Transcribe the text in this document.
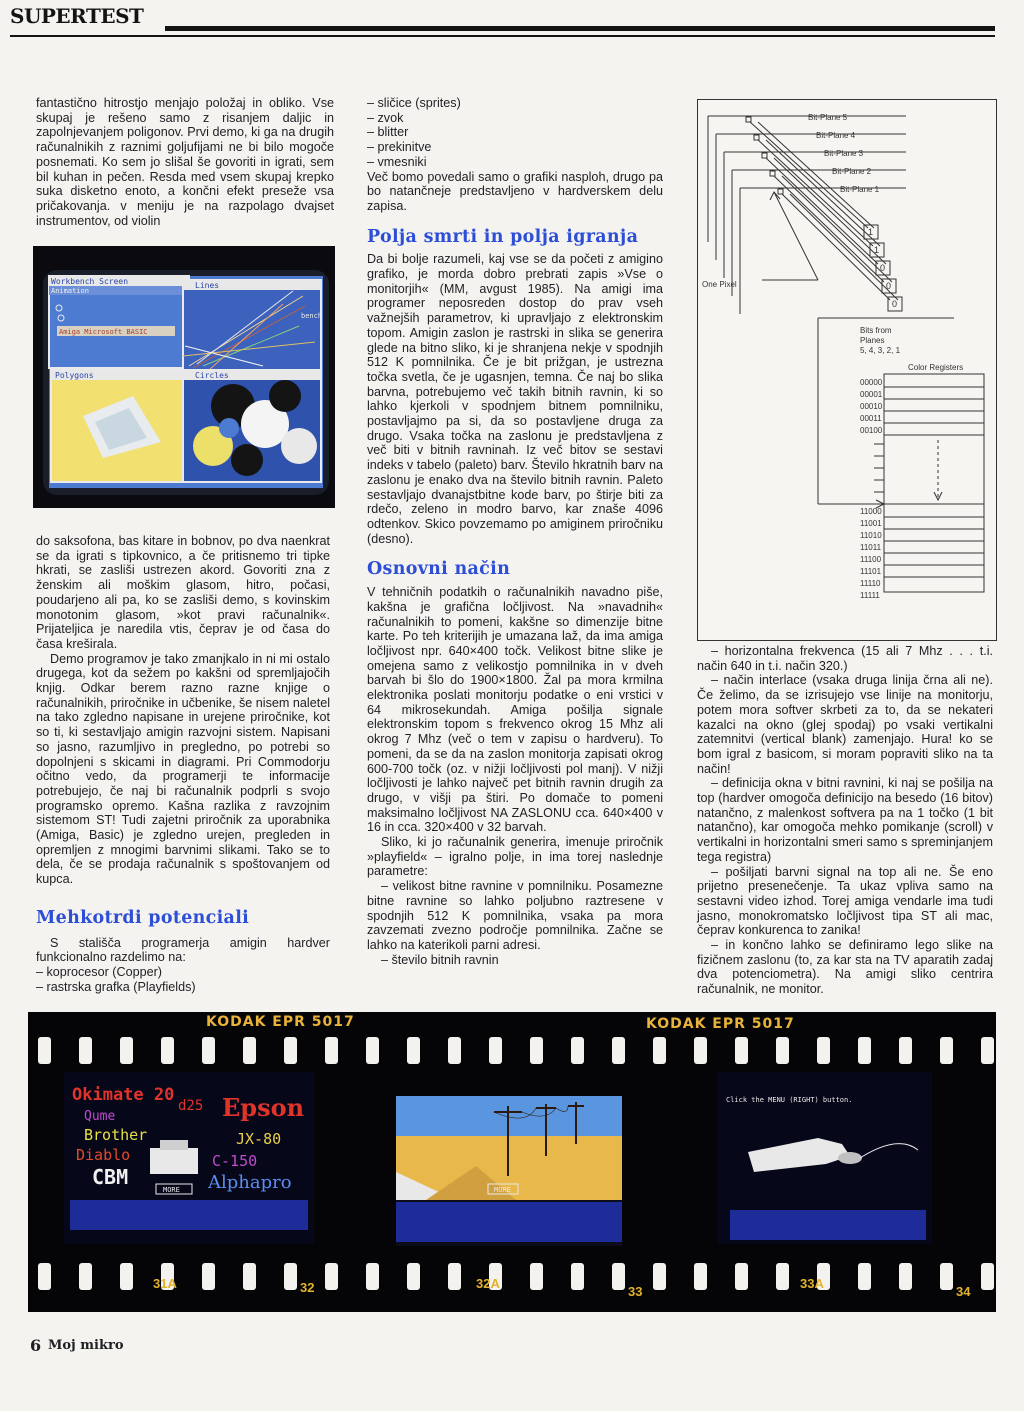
SUPERTEST

fantastično hitrostjo menjajo položaj in obliko. Vse skupaj je rešeno samo z risanjem daljic in zapolnjevanjem poligonov. Prvi demo, ki ga na drugih računalnikih z raznimi goljufijami ne bi bilo mogoče posnemati. Ko sem jo slišal še govoriti in igrati, sem bil kuhan in pečen. Resda med vsem skupaj krepko suka disketno enoto, a končni efekt preseže vsa pričakovanja. v meniju je na razpolago dvajset instrumentov, od violin

Workbench Screen
Animation
Amiga Microsoft BASIC
Lines
bench
Polygons	Circles

do saksofona, bas kitare in bobnov, po dva naenkrat se da igrati s tipkovnico, a če pritisnemo tri tipke hkrati, se zasliši ustrezen akord. Govoriti zna z ženskim ali moškim glasom, hitro, počasi, poudarjeno ali pa, ko se zasliši demo, s kovinskim monotonim glasom, »kot pravi računalnik«. Prijateljica je naredila vtis, čeprav je od časa do časa kreširala.

Demo programov je tako zmanjkalo in ni mi ostalo drugega, kot da sežem po kakšni od spremljajočih knjig. Odkar berem razno razne knjige o računalnikih, priročnike in učbenike, še nisem naletel na tako zgledno napisane in urejene priročnike, kot so ti, ki sestavljajo amigin razvojni sistem. Napisani so jasno, razumljivo in pregledno, po potrebi so dopolnjeni s skicami in diagrami. Pri Commodorju očitno vedo, da programerji te informacije potrebujejo, če naj bi računalnik podprli s svojo programsko opremo. Kašna razlika z ravzojnim sistemom ST! Tudi zajetni priročnik za uporabnika (Amiga, Basic) je zgledno urejen, pregleden in opremljen z mnogimi barvnimi slikami. Tako se to dela, če se prodaja računalnik s spoštovanjem od kupca.

Mehkotrdi potenciali

S stališča programerja amigin hardver funkcionalno razdelimo na:

– koprocesor (Copper)
– rastrska grafka (Playfields)
– sličice (sprites)
– zvok
– blitter
– prekinitve
– vmesniki

Več bomo povedali samo o grafiki nasploh, drugo pa bo natančneje predstavljeno v hardverskem delu zapisa.

Polja smrti in polja igranja

Da bi bolje razumeli, kaj vse se da početi z amigino grafiko, je morda dobro prebrati zapis »Vse o monitorjih« (MM, avgust 1985). Na amigi ima programer neposreden dostop do prav vseh važnejših parametrov, ki upravljajo z elektronskim topom. Amigin zaslon je rastrski in slika se generira glede na bitno sliko, ki je shranjena nekje v spodnjih 512 K pomnilnika. Če je bit prižgan, je ustrezna točka svetla, če je ugasnjen, temna. Če naj bo slika barvna, potrebujemo več takih bitnih ravnin, ki so lahko kjerkoli v spodnjem bitnem pomnilniku, postavljajmo pa si, da so postavljene druga za drugo. Vsaka točka na zaslonu je predstavljena z več biti v bitnih ravninah. Iz več bitov se sestavi indeks v tabelo (paleto) barv. Število hkratnih barv na zaslonu je enako dva na število bitnih ravnin. Paleto sestavljajo dvanajstbitne kode barv, po štirje biti za rdečo, zeleno in modro barvo, kar znaše 4096 odtenkov. Skico povzemamo po amiginem priročniku (desno).

Osnovni način

V tehničnih podatkih o računalnikih navadno piše, kakšna je grafična ločljivost. Na »navadnih« računalnikih to pomeni, kakšne so dimenzije bitne karte. Po teh kriterijih je umazana laž, da ima amiga ločljivost npr. 640×400 točk. Velikost bitne slike je omejena samo z velikostjo pomnilnika in v dveh barvah bi šlo do 1900×1800. Žal pa mora krmilna elektronika poslati monitorju podatke o eni vrstici v 64 mikrosekundah. Amiga pošilja signale elektronskim topom s frekvenco okrog 15 Mhz ali okrog 7 Mhz (več o tem v zapisu o hardveru). To pomeni, da se da na zaslon monitorja zapisati okrog 600-700 točk (oz. v nižji ločljivosti pol manj). V nižji ločljivosti je lahko največ pet bitnih ravnin drugih za drugo, v višji pa štiri. Po domače to pomeni maksimalno ločljivost NA ZASLONU cca. 640×400 v 16 in cca. 320×400 v 32 barvah.

Sliko, ki jo računalnik generira, imenuje priročnik »playfield« – igralno polje, in ima torej naslednje parametre:

– velikost bitne ravnine v pomnilniku. Posamezne bitne ravnine so lahko poljubno raztresene v spodnjih 512 K pomnilnika, vsaka pa mora zavzemati zvezno področje pomnilnika. Začne se lahko na katerikoli parni adresi.
– število bitnih ravnin
Bit-Plane 5
Bit-Plane 4
Bit-Plane 3
Bit-Plane 2
Bit-Plane 1
1
1
0
0
0
One Pixel
Bits from
Planes
5, 4, 3, 2, 1
Color Registers
00000
00001
00010
00011
00100
11000
11001
11010
11011
11100
11101
11110
11111
– horizontalna frekvenca (15 ali 7 Mhz . . . t.i. način 640 in t.i. način 320.)
– način interlace (vsaka druga linija črna ali ne). Če želimo, da se izrisujejo vse linije na monitorju, potem mora softver skrbeti za to, da se nekateri kazalci na okno (glej spodaj) po vsaki vertikalni zatemnitvi (vertical blank) zamenjajo. Hura! ko se bom igral z basicom, si moram popraviti sliko na ta način!
– definicija okna v bitni ravnini, ki naj se pošilja na top (hardver omogoča definicijo na besedo (16 bitov) natančno, z malenkost softvera pa na 1 točko (1 bit natančno), kar omogoča mehko pomikanje (scroll) v vertikalni in horizontalni smeri samo s spreminjanjem tega registra)
– pošiljati barvni signal na top ali ne. Še eno prijetno presenečenje. Ta ukaz vpliva samo na sestavni video izhod. Torej amiga vendarle ima tudi jasno, monokromatsko ločljivost tipa ST ali mac, čeprav konkurenca to zanika!
– in končno lahko se definiramo lego slike na fizičnem zaslonu (to, za kar sta na TV aparatih zadaj dva potenciometra). Na amigi sliko centrira računalnik, ne monitor.
KODAK EPR 5017	KODAK EPR 5017
Okimate 20
Qume
Brother
Diablo
CBM
d25 Epson
JX-80
C-150
Alphapro
MORE
31A	32
MORE
32A
33
Click the MENU (RIGHT) button.
33A
34
6 Moj mikro
